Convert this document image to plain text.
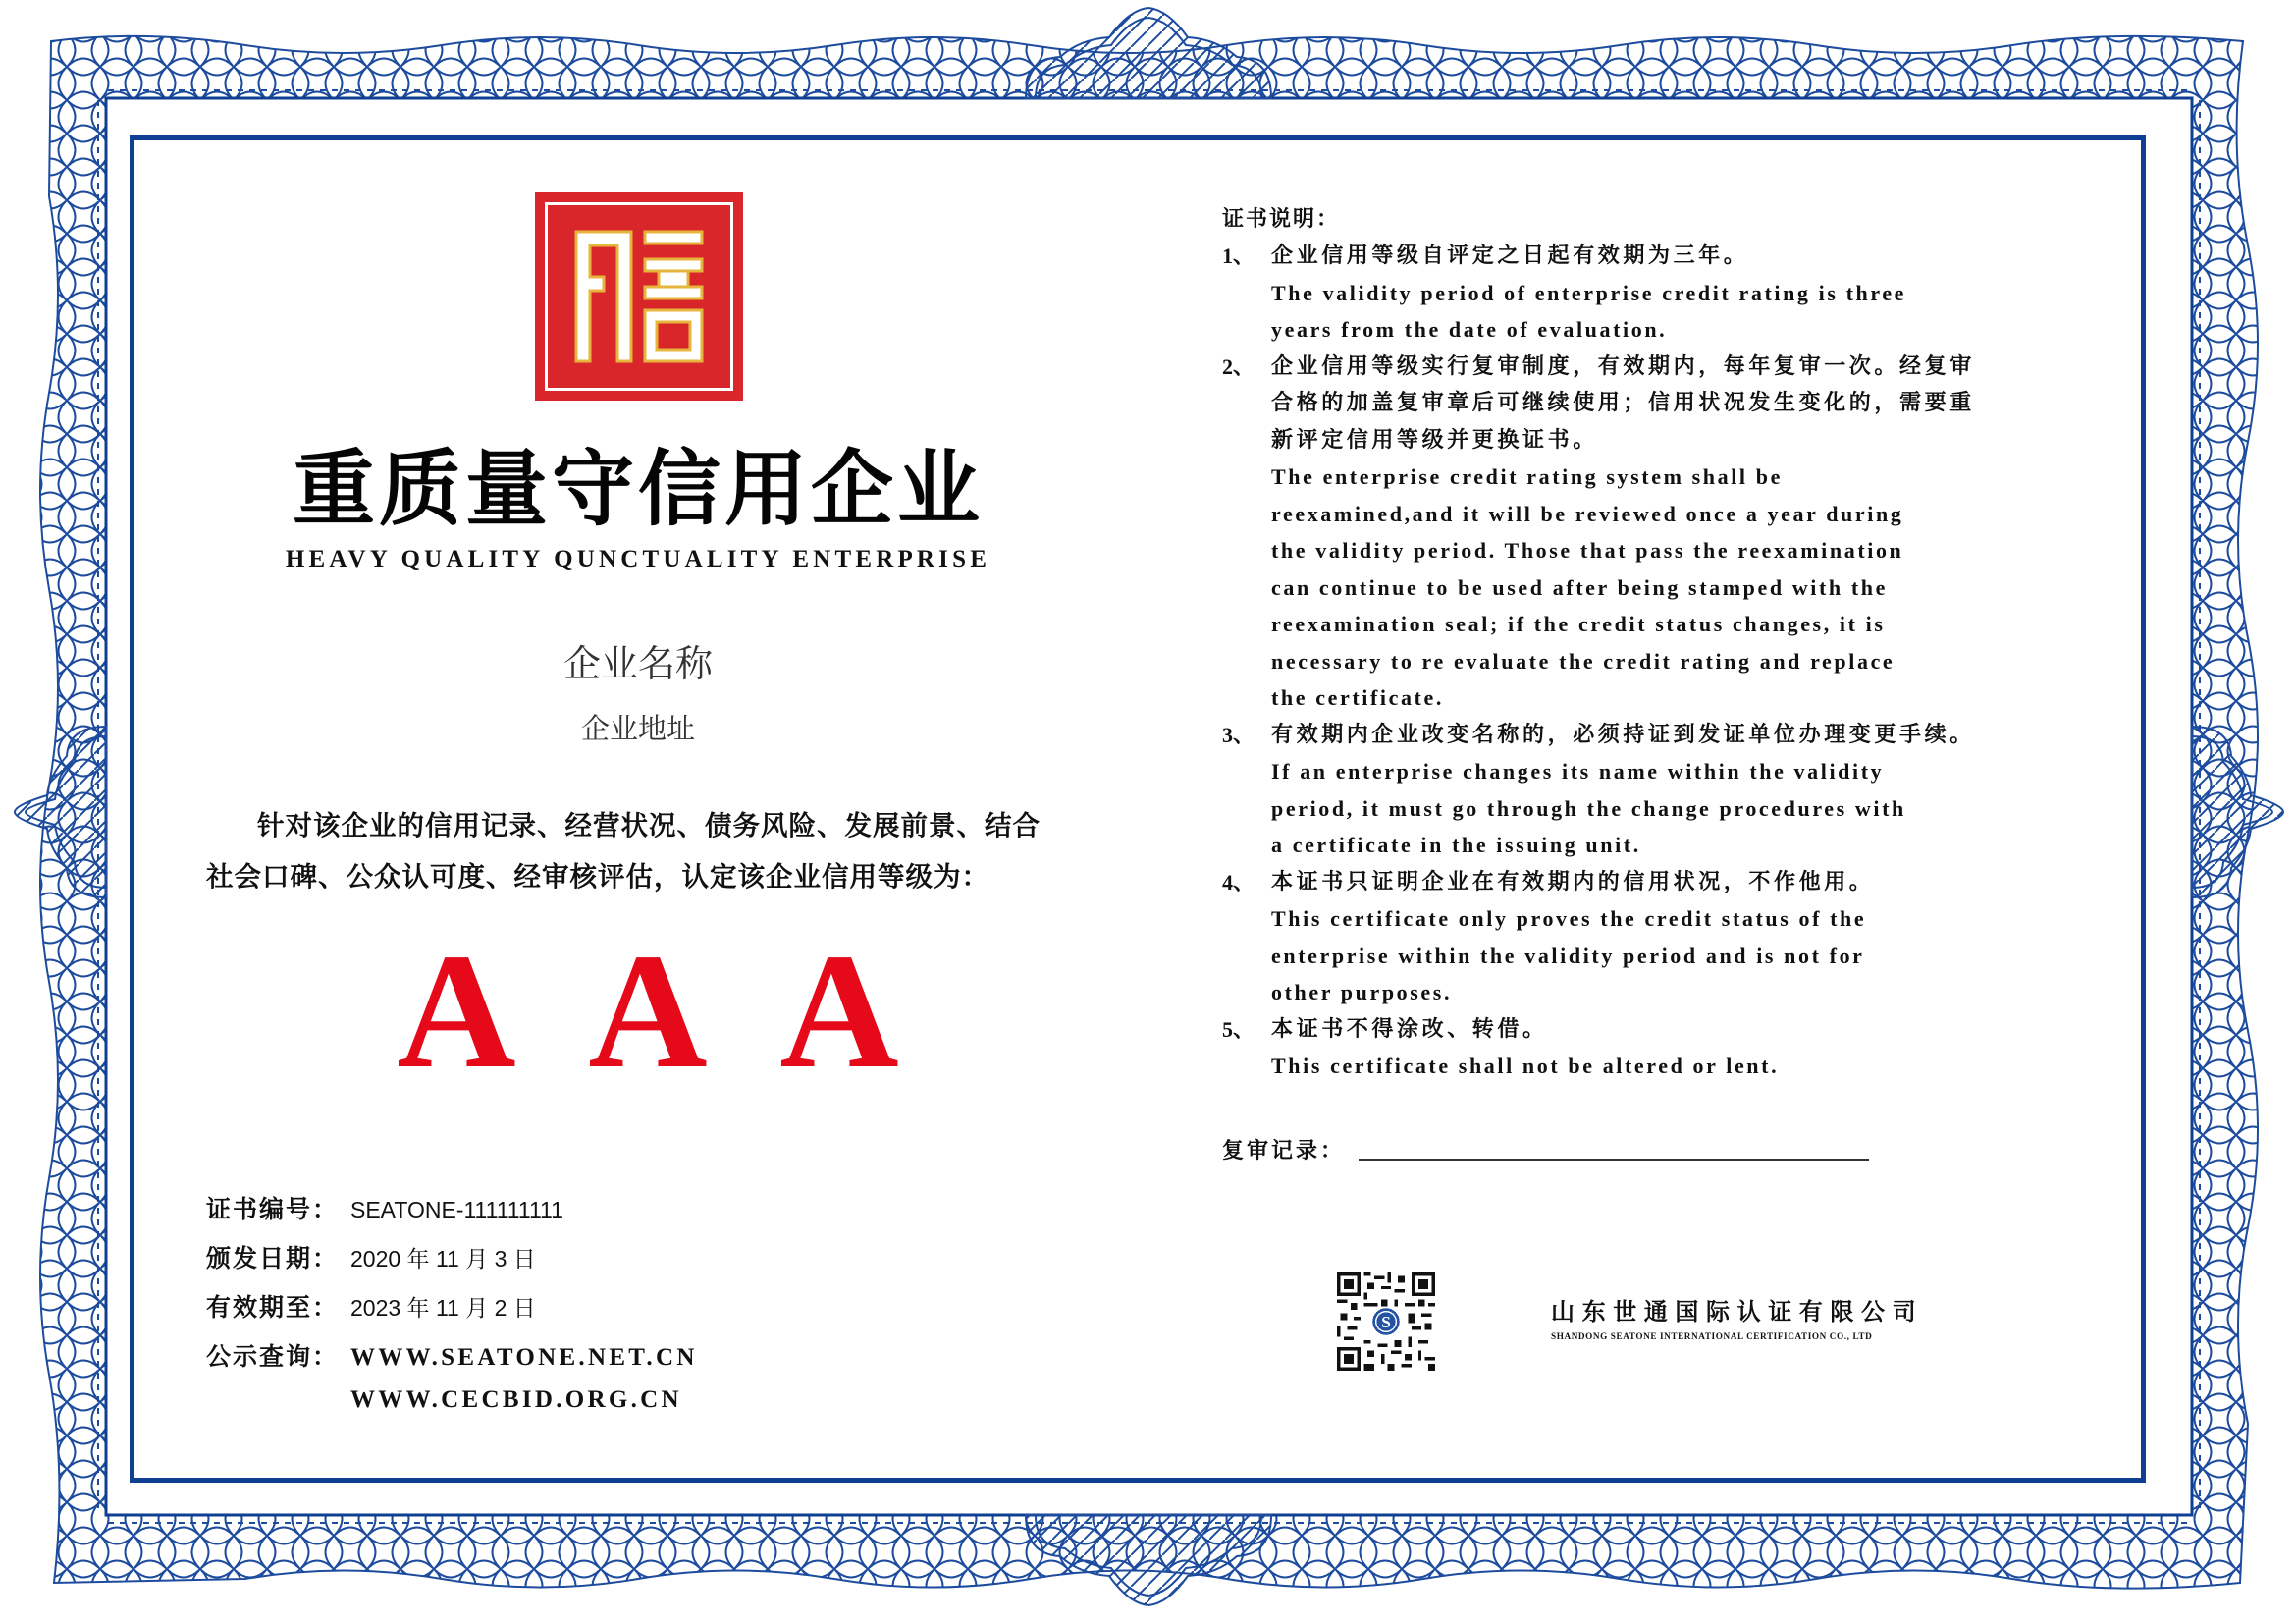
重质量守信用企业
HEAVY QUALITY QUNCTUALITY ENTERPRISE
企业名称
企业地址
针对该企业的信用记录、经营状况、债务风险、发展前景、结合
社会口碑、公众认可度、经审核评估，认定该企业信用等级为：
A A A
证书编号： SEATONE-111111111
颁发日期： 2020 年 11 月 3 日
有效期至： 2023 年 11 月 2 日
公示查询： WWW.SEATONE.NET.CN
WWW.CECBID.ORG.CN
证书说明：
1、 企业信用等级自评定之日起有效期为三年。
The validity period of enterprise credit rating is three
years from the date of evaluation.
2、 企业信用等级实行复审制度，有效期内，每年复审一次。经复审
合格的加盖复审章后可继续使用；信用状况发生变化的，需要重
新评定信用等级并更换证书。
The enterprise credit rating system shall be
reexamined,and it will be reviewed once a year during
the validity period. Those that pass the reexamination
can continue to be used after being stamped with the
reexamination seal; if the credit status changes, it is
necessary to re evaluate the credit rating and replace
the certificate.
3、 有效期内企业改变名称的，必须持证到发证单位办理变更手续。
If an enterprise changes its name within the validity
period, it must go through the change procedures with
a certificate in the issuing unit.
4、 本证书只证明企业在有效期内的信用状况，不作他用。
This certificate only proves the credit status of the
enterprise within the validity period and is not for
other purposes.
5、 本证书不得涂改、转借。
This certificate shall not be altered or lent.
复审记录：
S	山东世通国际认证有限公司
SHANDONG SEATONE INTERNATIONAL CERTIFICATION CO., LTD
